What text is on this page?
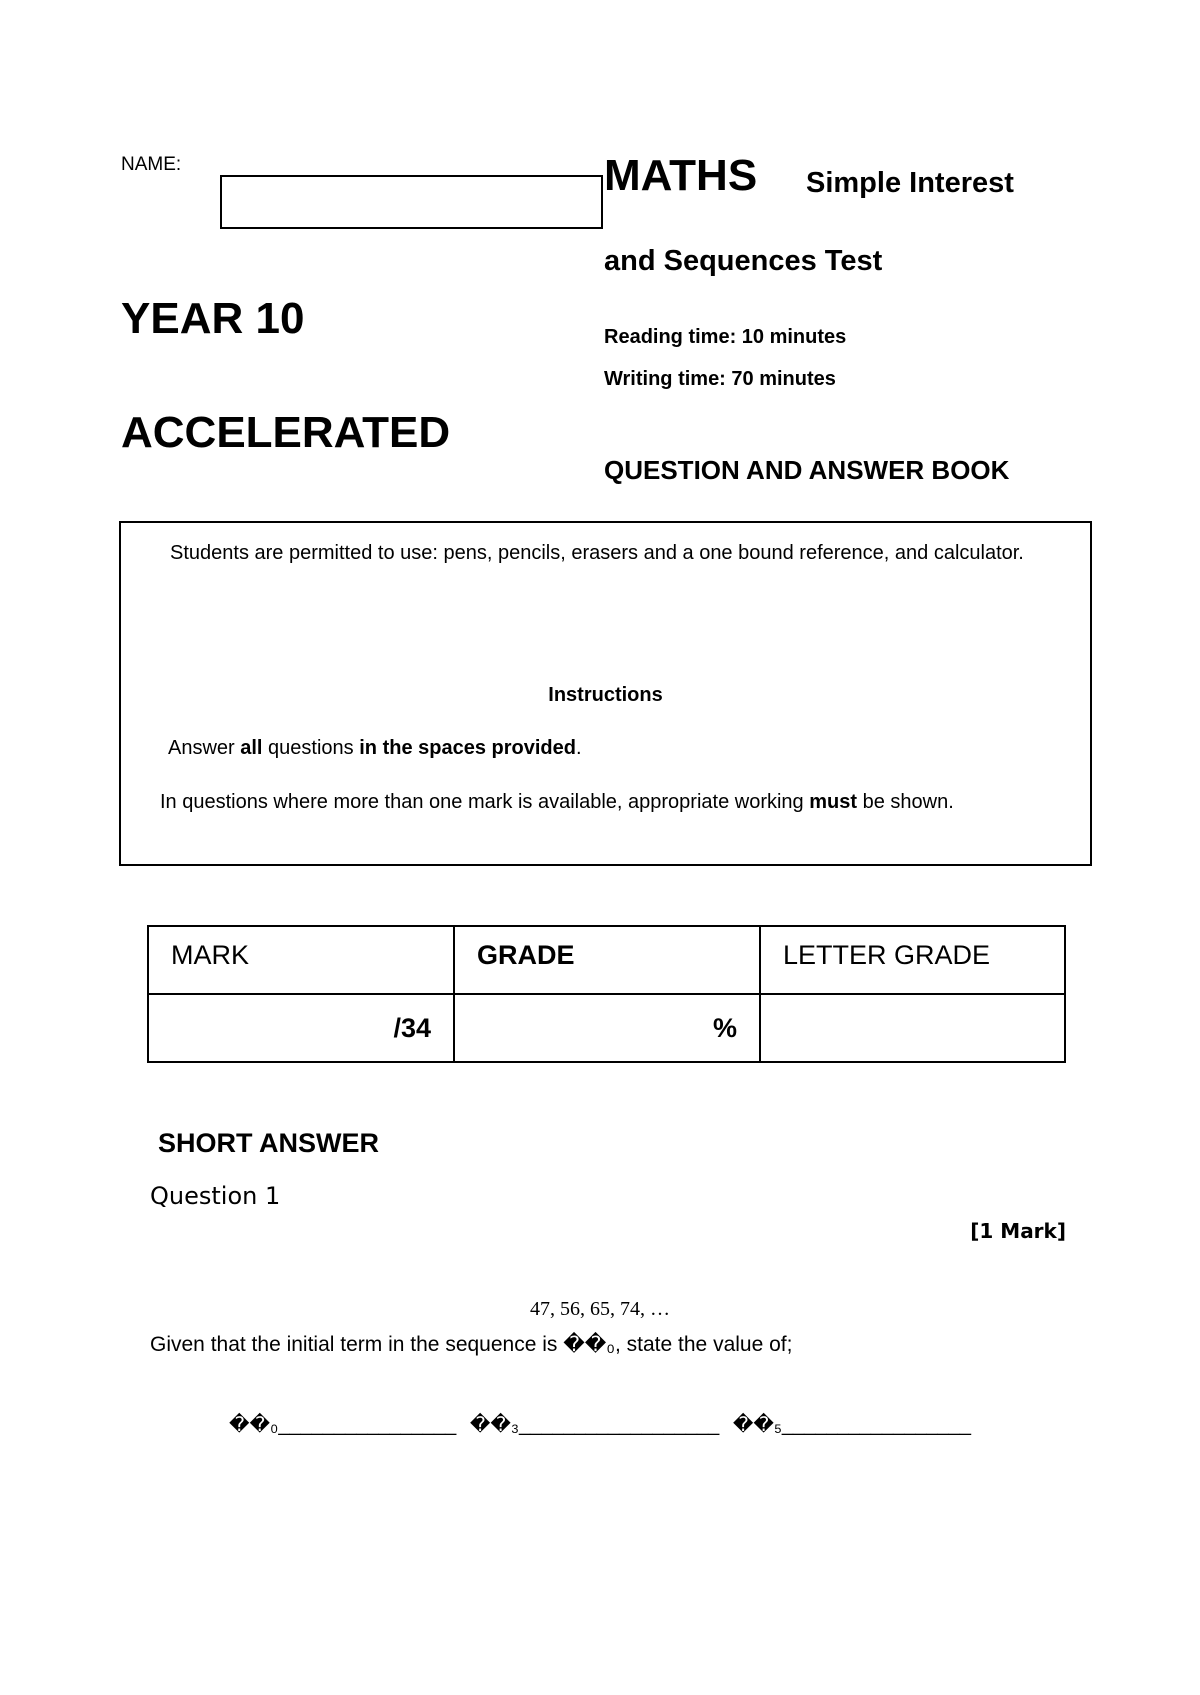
NAME:
YEAR 10
ACCELERATED
MATHS Simple Interest
and Sequences Test
Reading time: 10 minutes
Writing time: 70 minutes
QUESTION AND ANSWER BOOK
Students are permitted to use: pens, pencils, erasers and a one bound reference, and calculator.
Instructions
Answer all questions in the spaces provided.
In questions where more than one mark is available, appropriate working must be shown.
MARK	GRADE	LETTER GRADE
/34	%	
SHORT ANSWER
Question 1
[1 Mark]
47, 56, 65, 74, …
Given that the initial term in the sequence is ��₀, state the value of;
��₀________________ ��₃__________________ ��₅_________________
